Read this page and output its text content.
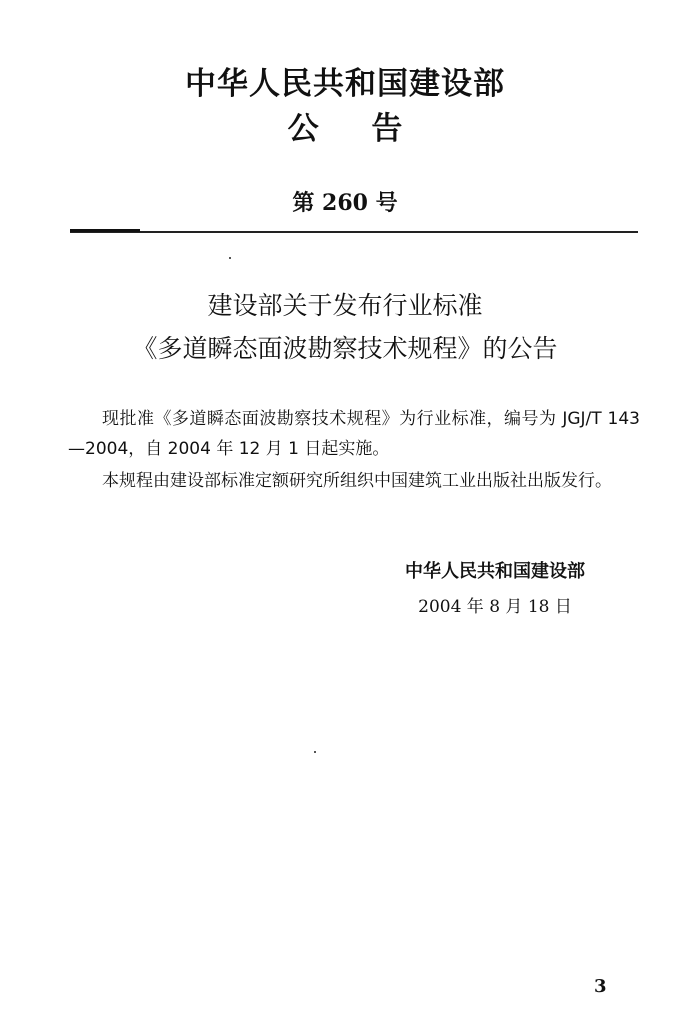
中华人民共和国建设部
公 告
第 260 号
建设部关于发布行业标准
《多道瞬态面波勘察技术规程》的公告
现批准《多道瞬态面波勘察技术规程》为行业标准，编号为 JGJ/T 143—2004，自 2004 年 12 月 1 日起实施。
本规程由建设部标准定额研究所组织中国建筑工业出版社出版发行。
中华人民共和国建设部
2004 年 8 月 18 日
3
